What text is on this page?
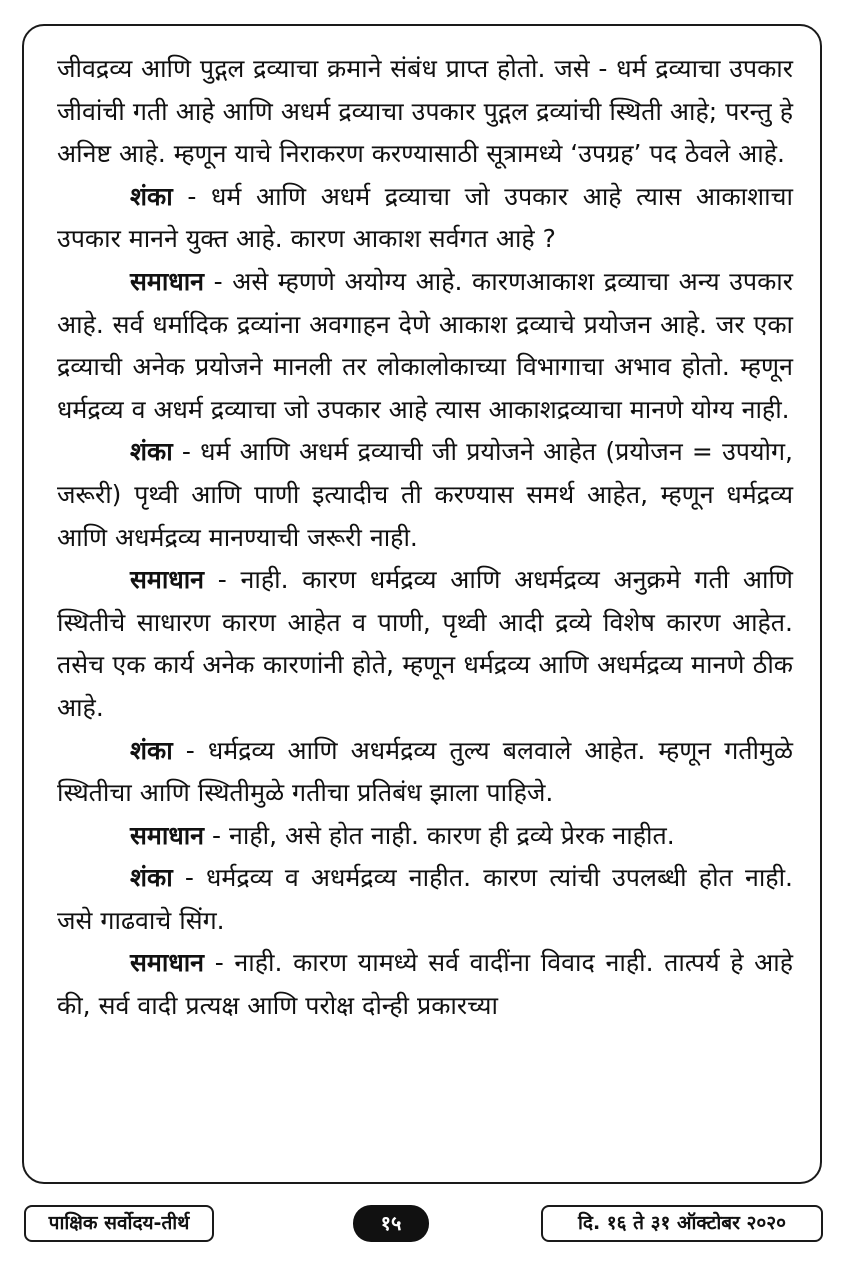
जीवद्रव्य आणि पुद्गल द्रव्याचा क्रमाने संबंध प्राप्त होतो. जसे - धर्म द्रव्याचा उपकार जीवांची गती आहे आणि अधर्म द्रव्याचा उपकार पुद्गल द्रव्यांची स्थिती आहे; परन्तु हे अनिष्ट आहे. म्हणून याचे निराकरण करण्यासाठी सूत्रामध्ये ‘उपग्रह’ पद ठेवले आहे.

शंका - धर्म आणि अधर्म द्रव्याचा जो उपकार आहे त्यास आकाशाचा उपकार मानने युक्त आहे. कारण आकाश सर्वगत आहे ?

समाधान - असे म्हणणे अयोग्य आहे. कारणआकाश द्रव्याचा अन्य उपकार आहे. सर्व धर्मादिक द्रव्यांना अवगाहन देणे आकाश द्रव्याचे प्रयोजन आहे. जर एका द्रव्याची अनेक प्रयोजने मानली तर लोकालोकाच्या विभागाचा अभाव होतो. म्हणून धर्मद्रव्य व अधर्म द्रव्याचा जो उपकार आहे त्यास आकाशद्रव्याचा मानणे योग्य नाही.

शंका - धर्म आणि अधर्म द्रव्याची जी प्रयोजने आहेत (प्रयोजन = उपयोग, जरूरी) पृथ्वी आणि पाणी इत्यादीच ती करण्यास समर्थ आहेत, म्हणून धर्मद्रव्य आणि अधर्मद्रव्य मानण्याची जरूरी नाही.

समाधान - नाही. कारण धर्मद्रव्य आणि अधर्मद्रव्य अनुक्रमे गती आणि स्थितीचे साधारण कारण आहेत व पाणी, पृथ्वी आदी द्रव्ये विशेष कारण आहेत. तसेच एक कार्य अनेक कारणांनी होते, म्हणून धर्मद्रव्य आणि अधर्मद्रव्य मानणे ठीक आहे.

शंका - धर्मद्रव्य आणि अधर्मद्रव्य तुल्य बलवाले आहेत. म्हणून गतीमुळे स्थितीचा आणि स्थितीमुळे गतीचा प्रतिबंध झाला पाहिजे.

समाधान - नाही, असे होत नाही. कारण ही द्रव्ये प्रेरक नाहीत.

शंका - धर्मद्रव्य व अधर्मद्रव्य नाहीत. कारण त्यांची उपलब्धी होत नाही. जसे गाढवाचे सिंग.

समाधान - नाही. कारण यामध्ये सर्व वादींना विवाद नाही. तात्पर्य हे आहे की, सर्व वादी प्रत्यक्ष आणि परोक्ष दोन्ही प्रकारच्या

पाक्षिक सर्वोदय-तीर्थ	१५	दि. १६ ते ३१ ऑक्टोबर २०२०
